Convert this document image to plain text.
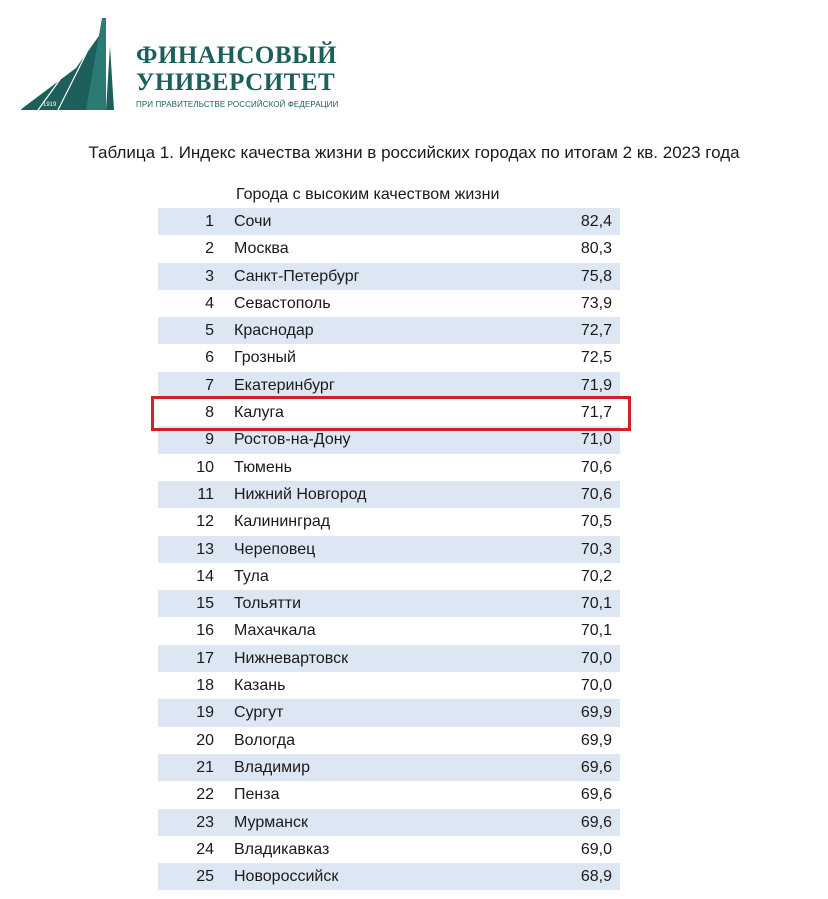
1919
ФИНАНСОВЫЙ
УНИВЕРСИТЕТ
ПРИ ПРАВИТЕЛЬСТВЕ РОССИЙСКОЙ ФЕДЕРАЦИИ
Таблица 1. Индекс качества жизни в российских городах по итогам 2 кв. 2023 года
Города с высоким качеством жизни
1 Сочи	82,4
2 Москва	80,3
3 Санкт-Петербург	75,8
4 Севастополь	73,9
5 Краснодар	72,7
6 Грозный	72,5
7 Екатеринбург	71,9
8 Калуга	71,7
9 Ростов-на-Дону	71,0
10 Тюмень	70,6
11 Нижний Новгород	70,6
12 Калининград	70,5
13 Череповец	70,3
14 Тула	70,2
15 Тольятти	70,1
16 Махачкала	70,1
17 Нижневартовск	70,0
18 Казань	70,0
19 Сургут	69,9
20 Вологда	69,9
21 Владимир	69,6
22 Пенза	69,6
23 Мурманск	69,6
24 Владикавказ	69,0
25 Новороссийск	68,9
